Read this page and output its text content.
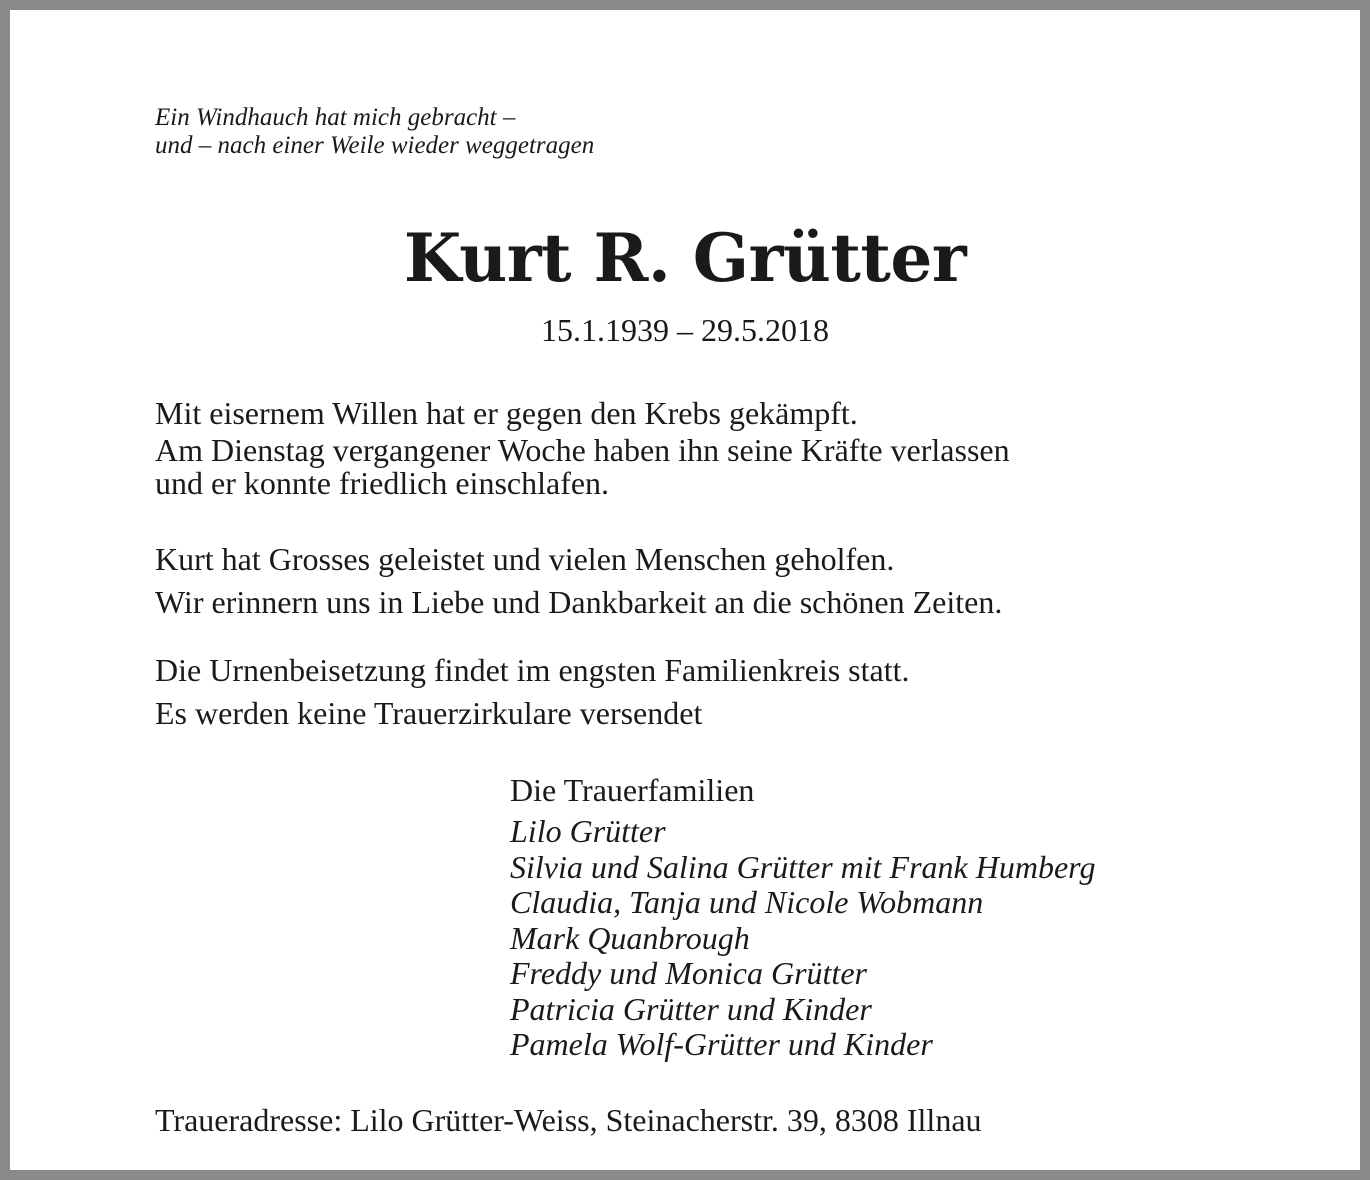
Ein Windhauch hat mich gebracht –
und – nach einer Weile wieder weggetragen
Kurt R. Grütter
15.1.1939 – 29.5.2018
Mit eisernem Willen hat er gegen den Krebs gekämpft.
Am Dienstag vergangener Woche haben ihn seine Kräfte verlassen
und er konnte friedlich einschlafen.
Kurt hat Grosses geleistet und vielen Menschen geholfen.
Wir erinnern uns in Liebe und Dankbarkeit an die schönen Zeiten.
Die Urnenbeisetzung findet im engsten Familienkreis statt.
Es werden keine Trauerzirkulare versendet
Die Trauerfamilien
Lilo Grütter
Silvia und Salina Grütter mit Frank Humberg
Claudia, Tanja und Nicole Wobmann
Mark Quanbrough
Freddy und Monica Grütter
Patricia Grütter und Kinder
Pamela Wolf-Grütter und Kinder
Traueradresse: Lilo Grütter-Weiss, Steinacherstr. 39, 8308 Illnau
